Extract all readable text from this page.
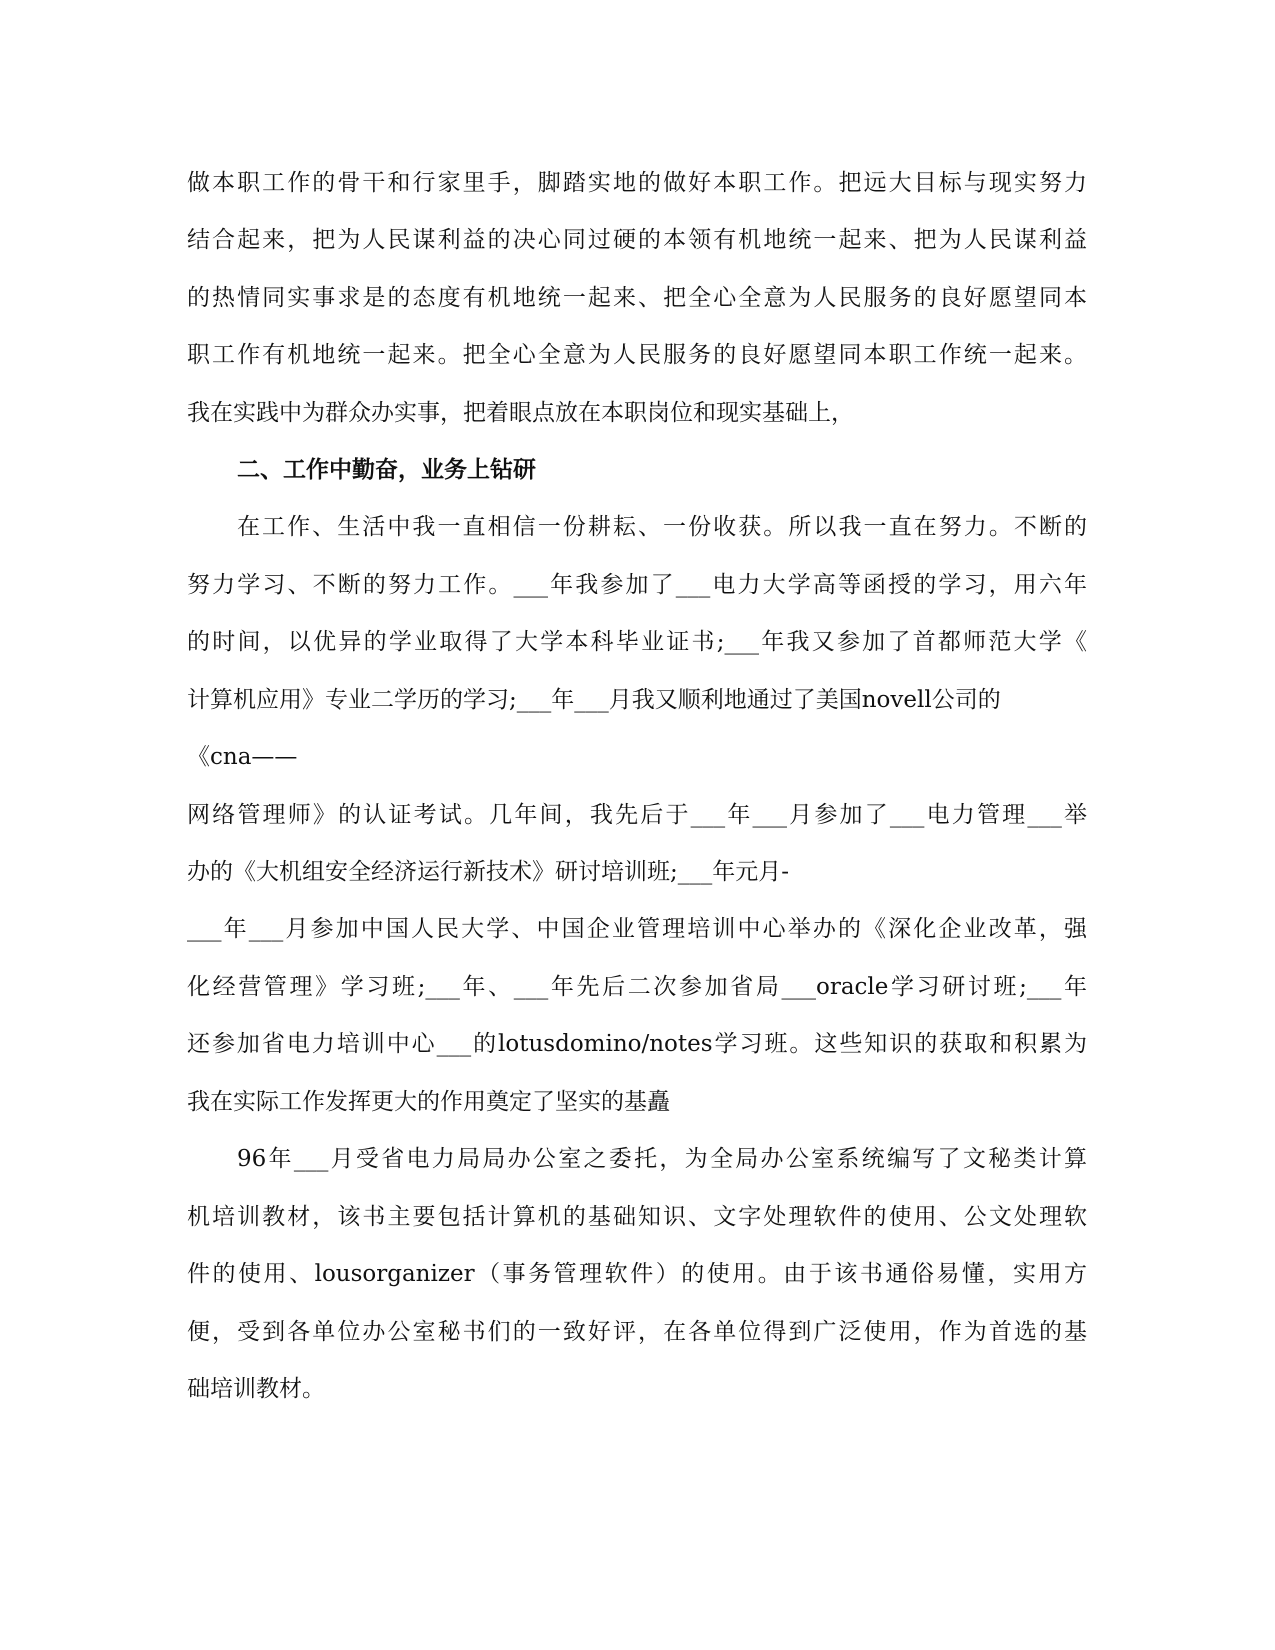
做本职工作的骨干和行家里手，脚踏实地的做好本职工作。把远大目标与现实努力
结合起来，把为人民谋利益的决心同过硬的本领有机地统一起来、把为人民谋利益
的热情同实事求是的态度有机地统一起来、把全心全意为人民服务的良好愿望同本
职工作有机地统一起来。把全心全意为人民服务的良好愿望同本职工作统一起来。
我在实践中为群众办实事，把着眼点放在本职岗位和现实基础上，
二、工作中勤奋，业务上钻研
在工作、生活中我一直相信一份耕耘、一份收获。所以我一直在努力。不断的
努力学习、不断的努力工作。___年我参加了___电力大学高等函授的学习，用六年
的时间，以优异的学业取得了大学本科毕业证书;___年我又参加了首都师范大学《
计算机应用》专业二学历的学习;___年___月我又顺利地通过了美国novell公司的
《cna——
网络管理师》的认证考试。几年间，我先后于___年___月参加了___电力管理___举
办的《大机组安全经济运行新技术》研讨培训班;___年元月-
___年___月参加中国人民大学、中国企业管理培训中心举办的《深化企业改革，强
化经营管理》学习班;___年、___年先后二次参加省局___oracle学习研讨班;___年
还参加省电力培训中心___的lotusdomino/notes学习班。这些知识的获取和积累为
我在实际工作发挥更大的作用奠定了坚实的基矗
96年___月受省电力局局办公室之委托，为全局办公室系统编写了文秘类计算
机培训教材，该书主要包括计算机的基础知识、文字处理软件的使用、公文处理软
件的使用、lousorganizer（事务管理软件）的使用。由于该书通俗易懂，实用方
便，受到各单位办公室秘书们的一致好评，在各单位得到广泛使用，作为首选的基
础培训教材。
